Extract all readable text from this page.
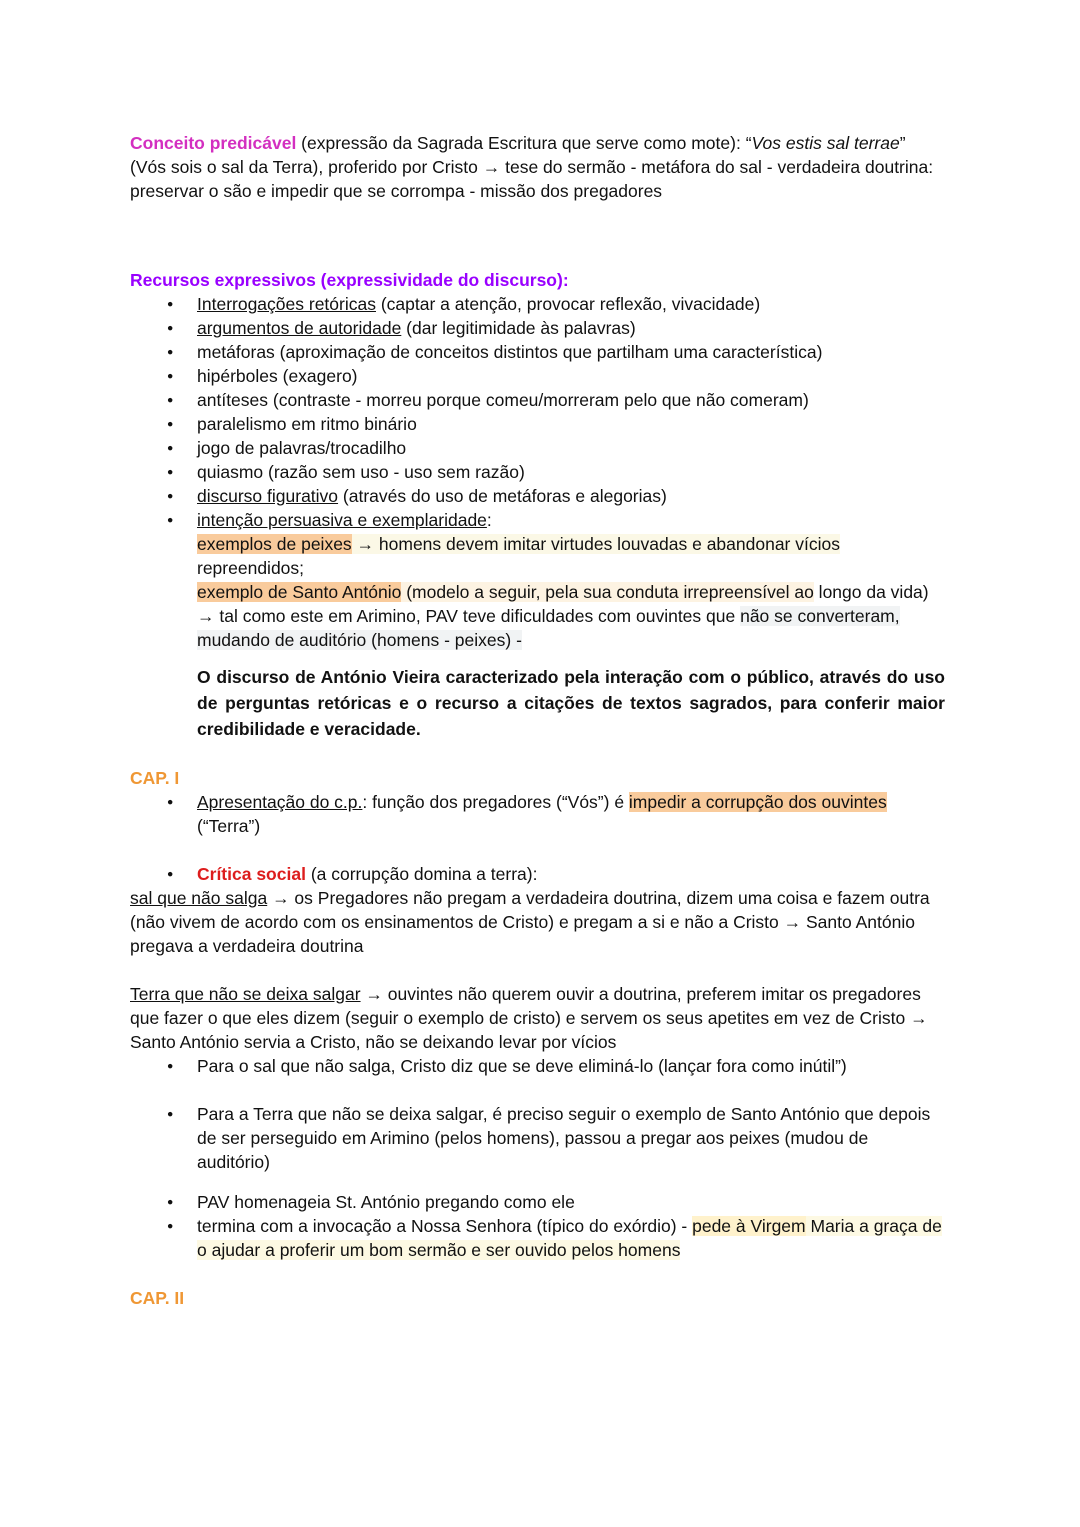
Conceito predicável (expressão da Sagrada Escritura que serve como mote): “Vos estis sal terrae” (Vós sois o sal da Terra), proferido por Cristo → tese do sermão - metáfora do sal - verdadeira doutrina: preservar o são e impedir que se corrompa - missão dos pregadores

Recursos expressivos (expressividade do discurso):

● Interrogações retóricas (captar a atenção, provocar reflexão, vivacidade)
● argumentos de autoridade (dar legitimidade às palavras)
● metáforas (aproximação de conceitos distintos que partilham uma característica)
● hipérboles (exagero)
● antíteses (contraste - morreu porque comeu/morreram pelo que não comeram)
● paralelismo em ritmo binário
● jogo de palavras/trocadilho
● quiasmo (razão sem uso - uso sem razão)
● discurso figurativo (através do uso de metáforas e alegorias)
● intenção persuasiva e exemplaridade:
exemplos de peixes → homens devem imitar virtudes louvadas e abandonar vícios repreendidos;
exemplo de Santo António (modelo a seguir, pela sua conduta irrepreensível ao longo da vida) → tal como este em Arimino, PAV teve dificuldades com ouvintes que não se converteram, mudando de auditório (homens - peixes) -

O discurso de António Vieira caracterizado pela interação com o público, através do uso de perguntas retóricas e o recurso a citações de textos sagrados, para conferir maior credibilidade e veracidade.

CAP. I

● Apresentação do c.p.: função dos pregadores (“Vós”) é impedir a corrupção dos ouvintes (“Terra”)
● Crítica social (a corrupção domina a terra):

sal que não salga → os Pregadores não pregam a verdadeira doutrina, dizem uma coisa e fazem outra (não vivem de acordo com os ensinamentos de Cristo) e pregam a si e não a Cristo → Santo António pregava a verdadeira doutrina

Terra que não se deixa salgar → ouvintes não querem ouvir a doutrina, preferem imitar os pregadores que fazer o que eles dizem (seguir o exemplo de cristo) e servem os seus apetites em vez de Cristo → Santo António servia a Cristo, não se deixando levar por vícios

● Para o sal que não salga, Cristo diz que se deve eliminá-lo (lançar fora como inútil”)
● Para a Terra que não se deixa salgar, é preciso seguir o exemplo de Santo António que depois de ser perseguido em Arimino (pelos homens), passou a pregar aos peixes (mudou de auditório)
● PAV homenageia St. António pregando como ele
● termina com a invocação a Nossa Senhora (típico do exórdio) - pede à Virgem Maria a graça de o ajudar a proferir um bom sermão e ser ouvido pelos homens

CAP. II
